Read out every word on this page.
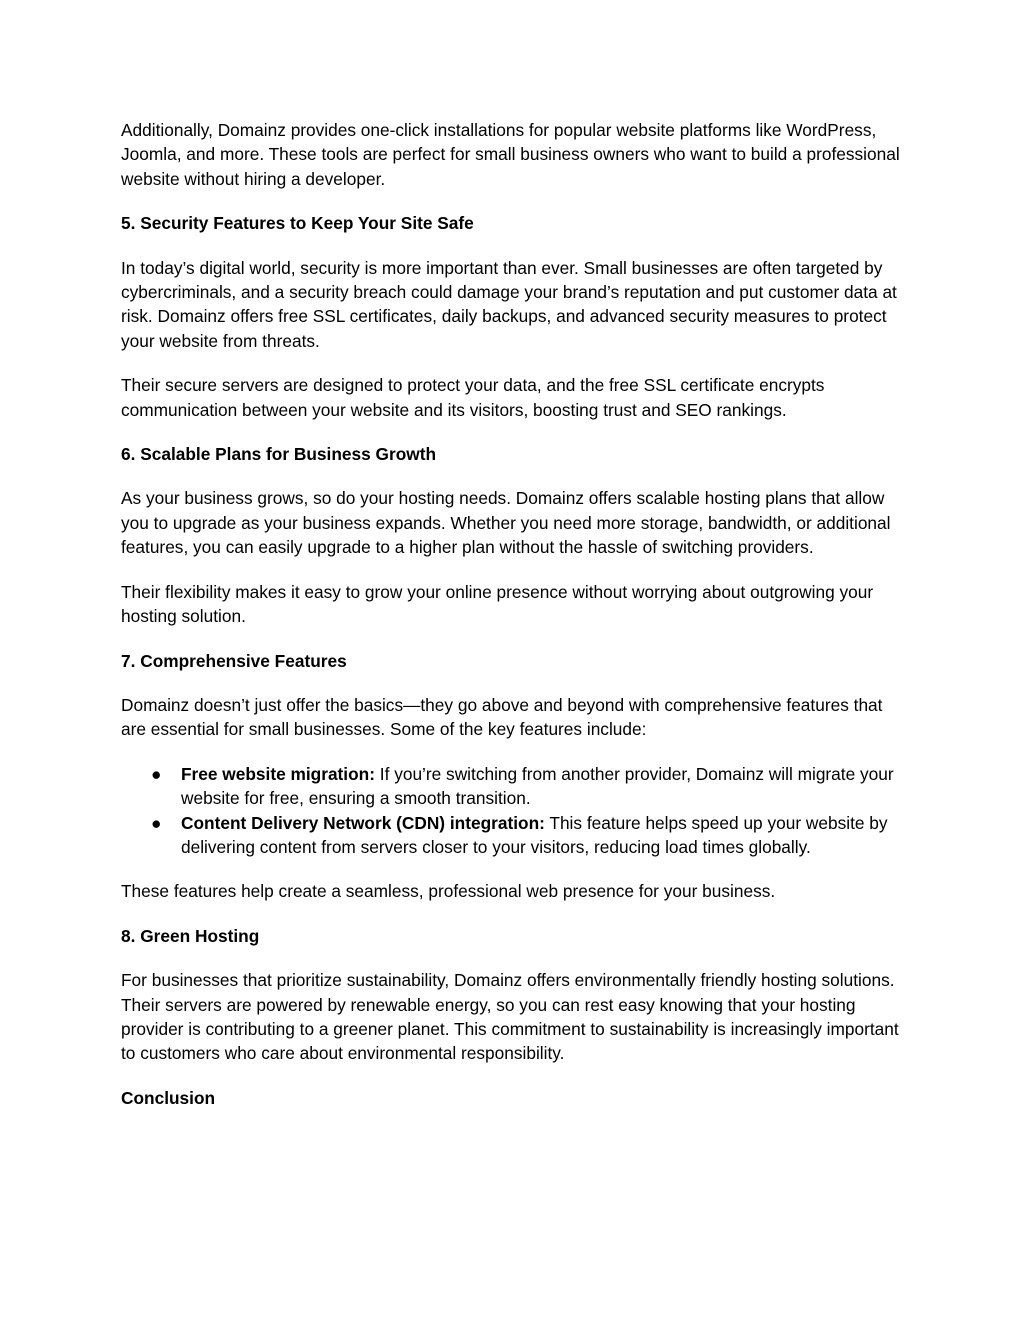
Additionally, Domainz provides one-click installations for popular website platforms like WordPress, Joomla, and more. These tools are perfect for small business owners who want to build a professional website without hiring a developer.

5. Security Features to Keep Your Site Safe

In today’s digital world, security is more important than ever. Small businesses are often targeted by cybercriminals, and a security breach could damage your brand’s reputation and put customer data at risk. Domainz offers free SSL certificates, daily backups, and advanced security measures to protect your website from threats.

Their secure servers are designed to protect your data, and the free SSL certificate encrypts communication between your website and its visitors, boosting trust and SEO rankings.

6. Scalable Plans for Business Growth

As your business grows, so do your hosting needs. Domainz offers scalable hosting plans that allow you to upgrade as your business expands. Whether you need more storage, bandwidth, or additional features, you can easily upgrade to a higher plan without the hassle of switching providers.

Their flexibility makes it easy to grow your online presence without worrying about outgrowing your hosting solution.

7. Comprehensive Features

Domainz doesn’t just offer the basics—they go above and beyond with comprehensive features that are essential for small businesses. Some of the key features include:

● Free website migration: If you’re switching from another provider, Domainz will migrate your website for free, ensuring a smooth transition.
● Content Delivery Network (CDN) integration: This feature helps speed up your website by delivering content from servers closer to your visitors, reducing load times globally.

These features help create a seamless, professional web presence for your business.

8. Green Hosting

For businesses that prioritize sustainability, Domainz offers environmentally friendly hosting solutions. Their servers are powered by renewable energy, so you can rest easy knowing that your hosting provider is contributing to a greener planet. This commitment to sustainability is increasingly important to customers who care about environmental responsibility.

Conclusion
